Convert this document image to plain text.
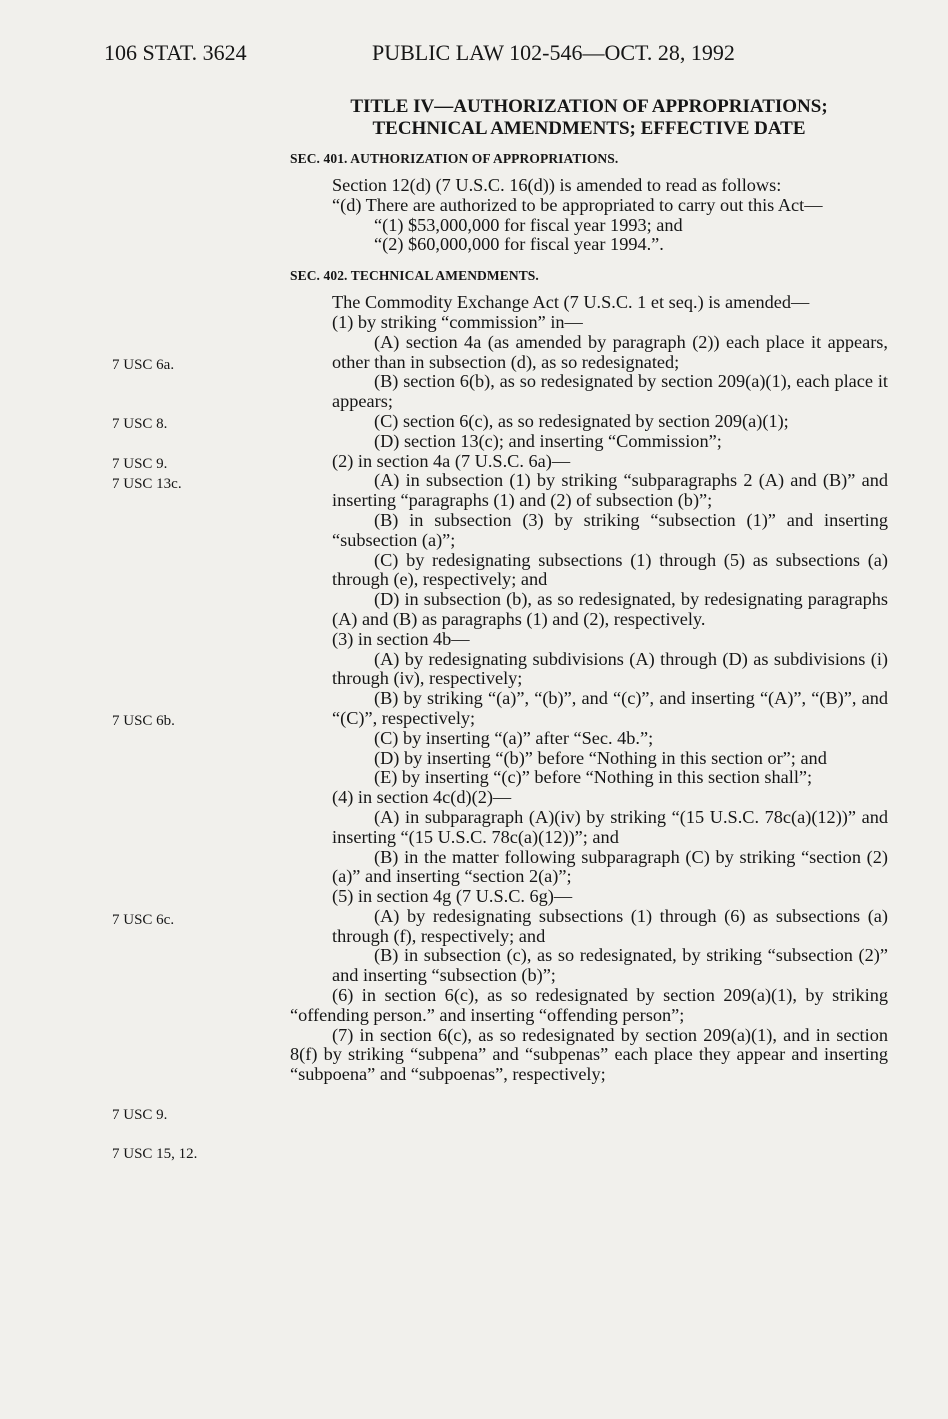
106 STAT. 3624	PUBLIC LAW 102-546—OCT. 28, 1992
7 USC 6a.
7 USC 8.
7 USC 9.
7 USC 13c.
7 USC 6b.
7 USC 6c.
7 USC 9.
7 USC 15, 12.
TITLE IV—AUTHORIZATION OF APPROPRIATIONS;
TECHNICAL AMENDMENTS; EFFECTIVE DATE
SEC. 401. AUTHORIZATION OF APPROPRIATIONS.

Section 12(d) (7 U.S.C. 16(d)) is amended to read as follows:

“(d) There are authorized to be appropriated to carry out this Act—

“(1) $53,000,000 for fiscal year 1993; and

“(2) $60,000,000 for fiscal year 1994.”.

SEC. 402. TECHNICAL AMENDMENTS.

The Commodity Exchange Act (7 U.S.C. 1 et seq.) is amended—

(1) by striking “commission” in—

(A) section 4a (as amended by paragraph (2)) each place it appears, other than in subsection (d), as so redesignated;

(B) section 6(b), as so redesignated by section 209(a)(1), each place it appears;

(C) section 6(c), as so redesignated by section 209(a)(1);

(D) section 13(c); and inserting “Commission”;

(2) in section 4a (7 U.S.C. 6a)—

(A) in subsection (1) by striking “subparagraphs 2 (A) and (B)” and inserting “paragraphs (1) and (2) of subsection (b)”;

(B) in subsection (3) by striking “subsection (1)” and inserting “subsection (a)”;

(C) by redesignating subsections (1) through (5) as subsections (a) through (e), respectively; and

(D) in subsection (b), as so redesignated, by redesignating paragraphs (A) and (B) as paragraphs (1) and (2), respectively.

(3) in section 4b—

(A) by redesignating subdivisions (A) through (D) as subdivisions (i) through (iv), respectively;

(B) by striking “(a)”, “(b)”, and “(c)”, and inserting “(A)”, “(B)”, and “(C)”, respectively;

(C) by inserting “(a)” after “Sec. 4b.”;

(D) by inserting “(b)” before “Nothing in this section or”; and

(E) by inserting “(c)” before “Nothing in this section shall”;

(4) in section 4c(d)(2)—

(A) in subparagraph (A)(iv) by striking “(15 U.S.C. 78c(a)(12))” and inserting “(15 U.S.C. 78c(a)(12))”; and

(B) in the matter following subparagraph (C) by striking “section (2)(a)” and inserting “section 2(a)”;

(5) in section 4g (7 U.S.C. 6g)—

(A) by redesignating subsections (1) through (6) as subsections (a) through (f), respectively; and

(B) in subsection (c), as so redesignated, by striking “subsection (2)” and inserting “subsection (b)”;

(6) in section 6(c), as so redesignated by section 209(a)(1), by striking “offending person.” and inserting “offending person”;

(7) in section 6(c), as so redesignated by section 209(a)(1), and in section 8(f) by striking “subpena” and “subpenas” each place they appear and inserting “subpoena” and “subpoenas”, respectively;
